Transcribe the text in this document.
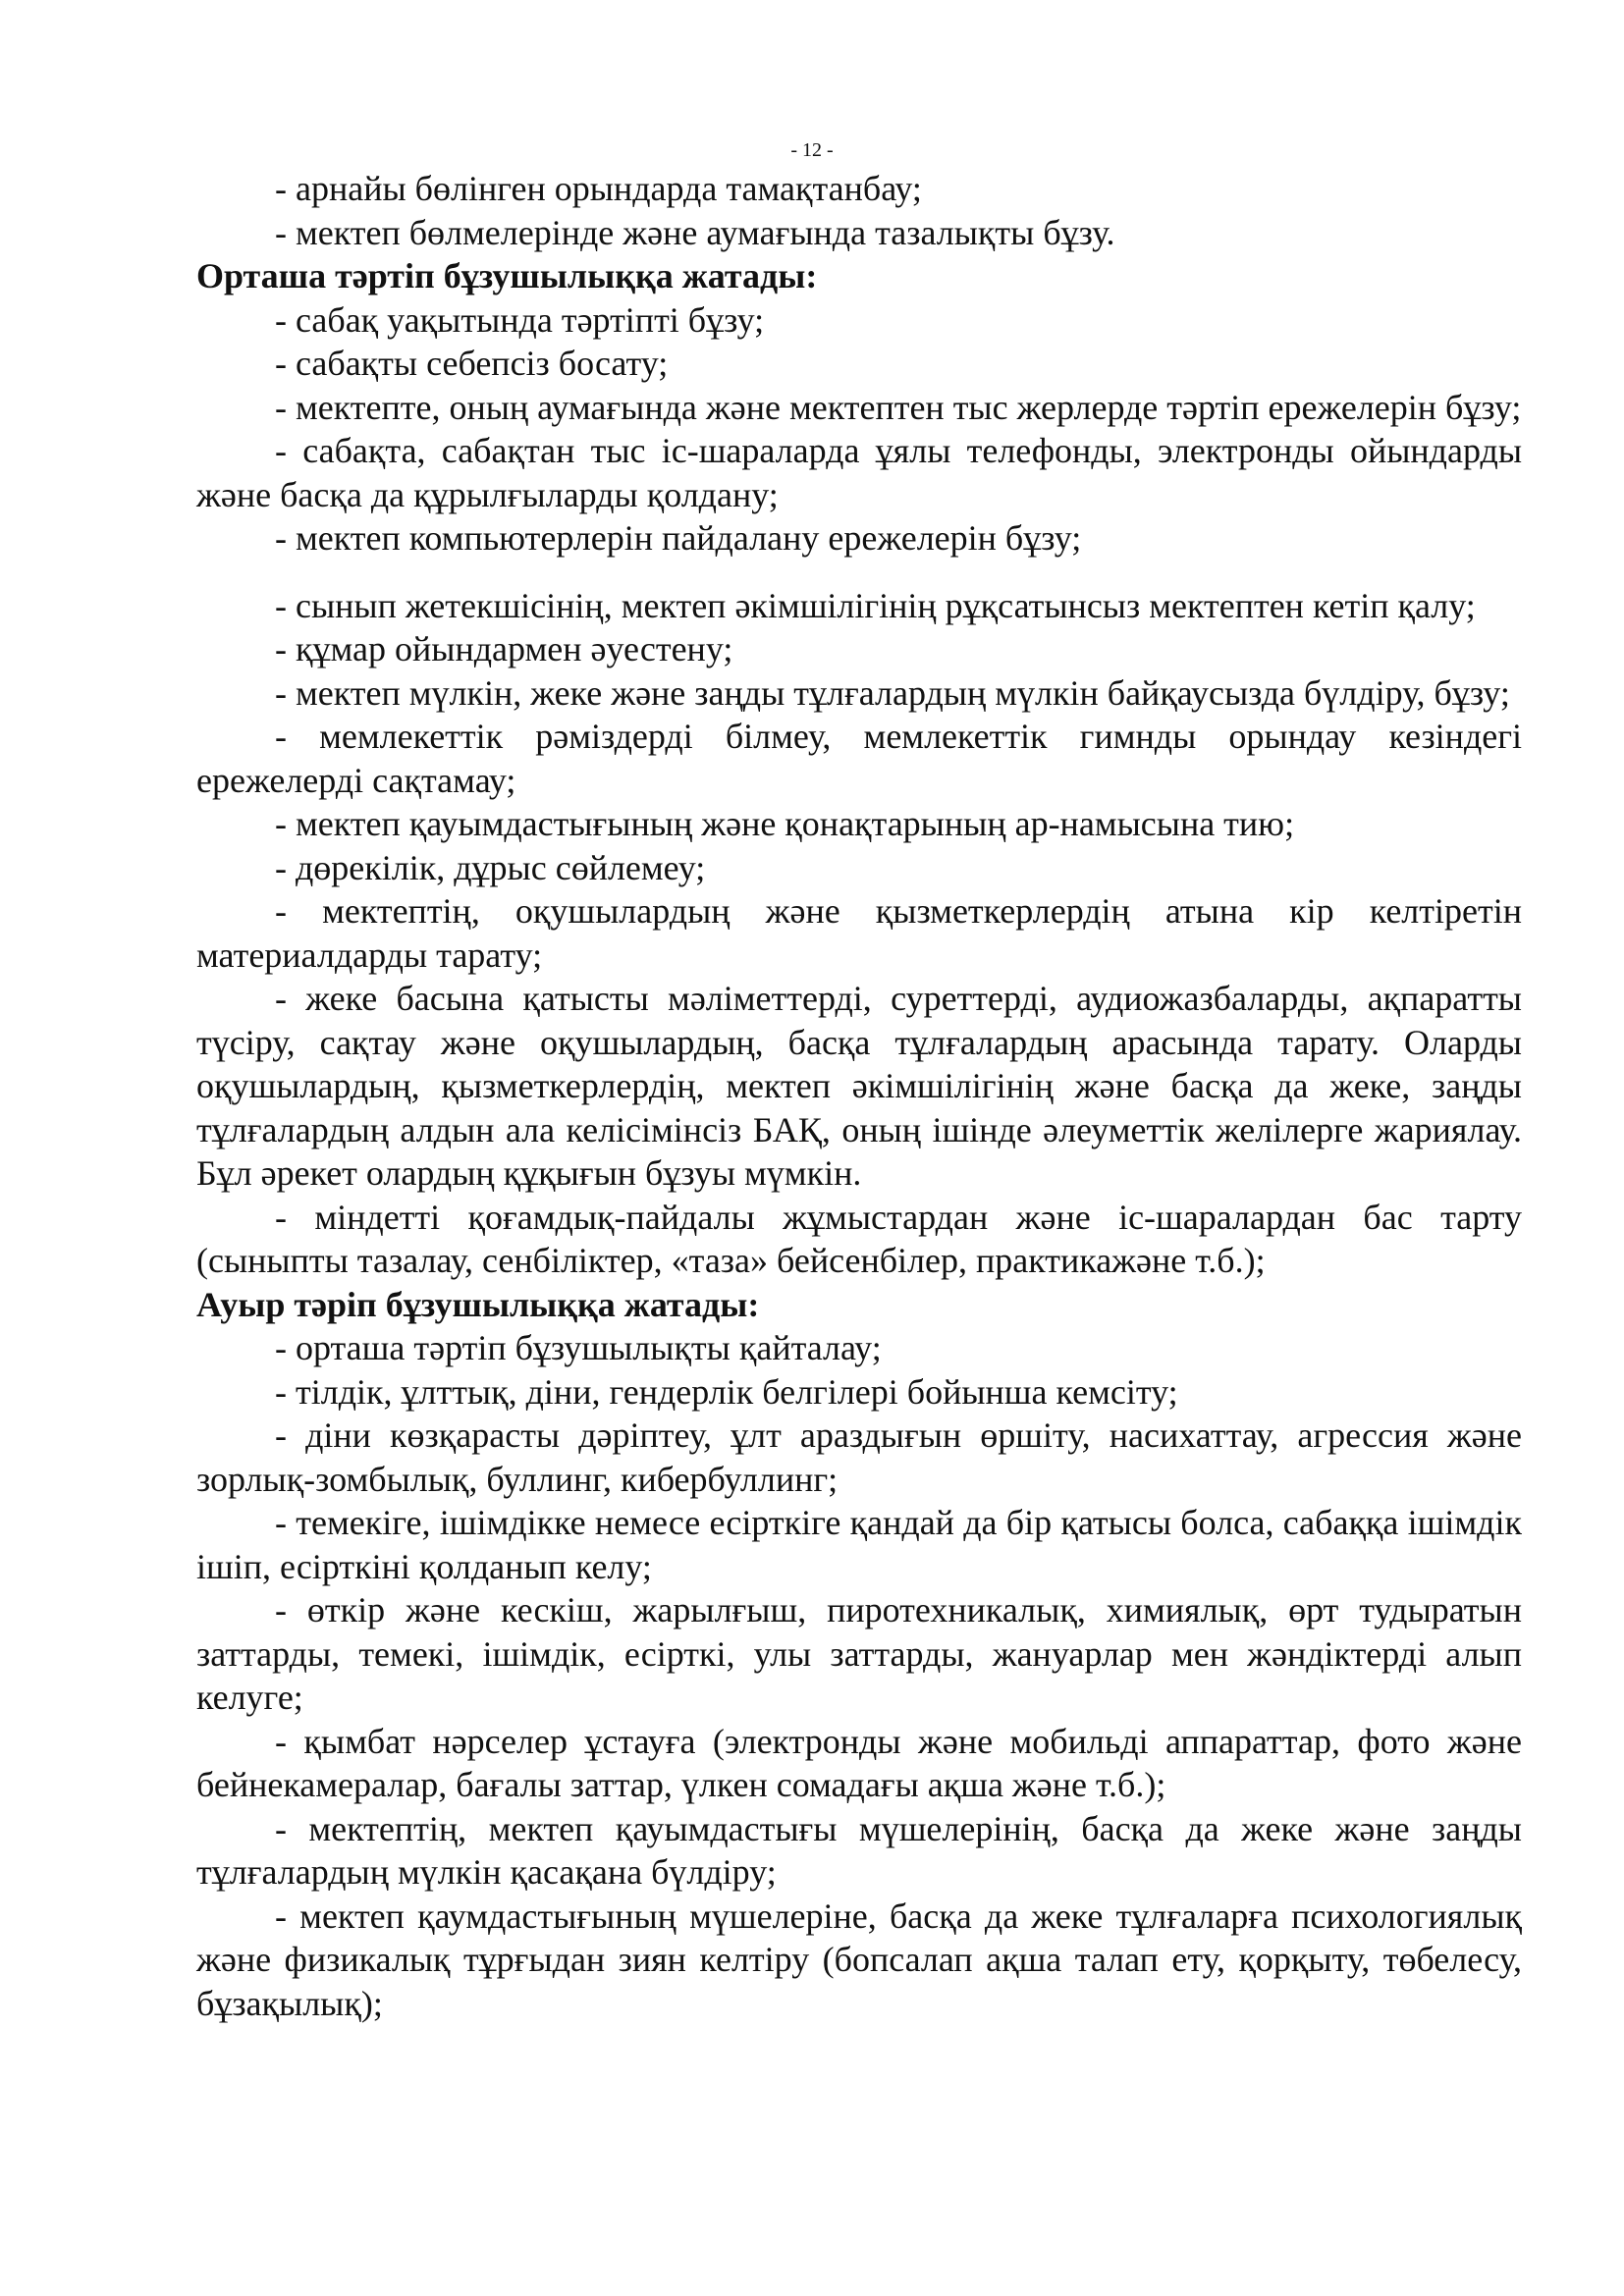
- 12 -

- арнайы бөлінген орындарда тамақтанбау;

- мектеп бөлмелерінде және аумағында тазалықты бұзу.

Орташа тәртіп бұзушылыққа жатады:

- сабақ уақытында тәртіпті бұзу;

- сабақты себепсіз босату;

- мектепте, оның аумағында және мектептен тыс жерлерде тәртіп ережелерін бұзу;

- сабақта, сабақтан тыс іс-шараларда ұялы телефонды, электронды ойындарды және басқа да құрылғыларды қолдану;

- мектеп компьютерлерін пайдалану ережелерін бұзу;

- сынып жетекшісінің, мектеп әкімшілігінің рұқсатынсыз мектептен кетіп қалу;

- құмар ойындармен әуестену;

- мектеп мүлкін, жеке және заңды тұлғалардың мүлкін байқаусызда бүлдіру, бұзу;

- мемлекеттік рәміздерді білмеу, мемлекеттік гимнды орындау кезіндегі ережелерді сақтамау;

- мектеп қауымдастығының және қонақтарының ар-намысына тию;

- дөрекілік, дұрыс сөйлемеу;

- мектептің, оқушылардың және қызметкерлердің атына кір келтіретін материалдарды тарату;

- жеке басына қатысты мәліметтерді, суреттерді, аудиожазбаларды, ақпаратты түсіру, сақтау және оқушылардың, басқа тұлғалардың арасында тарату. Оларды оқушылардың, қызметкерлердің, мектеп әкімшілігінің және басқа да жеке, заңды тұлғалардың алдын ала келісімінсіз БАҚ, оның ішінде әлеуметтік желілерге жариялау. Бұл әрекет олардың құқығын бұзуы мүмкін.

- міндетті қоғамдық-пайдалы жұмыстардан және іс-шаралардан бас тарту (сыныпты тазалау, сенбіліктер, «таза» бейсенбілер, практикажәне т.б.);

Ауыр тәрiп бұзушылыққа жатады:

- орташа тәртіп бұзушылықты қайталау;

- тілдік, ұлттық, діни, гендерлік белгілері бойынша кемсіту;

- діни көзқарасты дәріптеу, ұлт араздығын өршіту, насихаттау, агрессия және зорлық-зомбылық, буллинг, кибербуллинг;

- темекіге, ішімдікке немесе есірткіге қандай да бір қатысы болса, сабаққа ішімдік ішіп, есірткіні қолданып келу;

- өткір және кескіш, жарылғыш, пиротехникалық, химиялық, өрт тудыратын заттарды, темекі, ішімдік, есірткі, улы заттарды, жануарлар мен жәндіктерді алып келуге;

- қымбат нәрселер ұстауға (электронды және мобильді аппараттар, фото және бейнекамералар, бағалы заттар, үлкен сомадағы ақша және т.б.);

- мектептің, мектеп қауымдастығы мүшелерінің, басқа да жеке және заңды тұлғалардың мүлкін қасақана бүлдіру;

- мектеп қаумдастығының мүшелеріне, басқа да жеке тұлғаларға психологиялық және физикалық тұрғыдан зиян келтіру (бопсалап ақша талап ету, қорқыту, төбелесу, бұзақылық);
